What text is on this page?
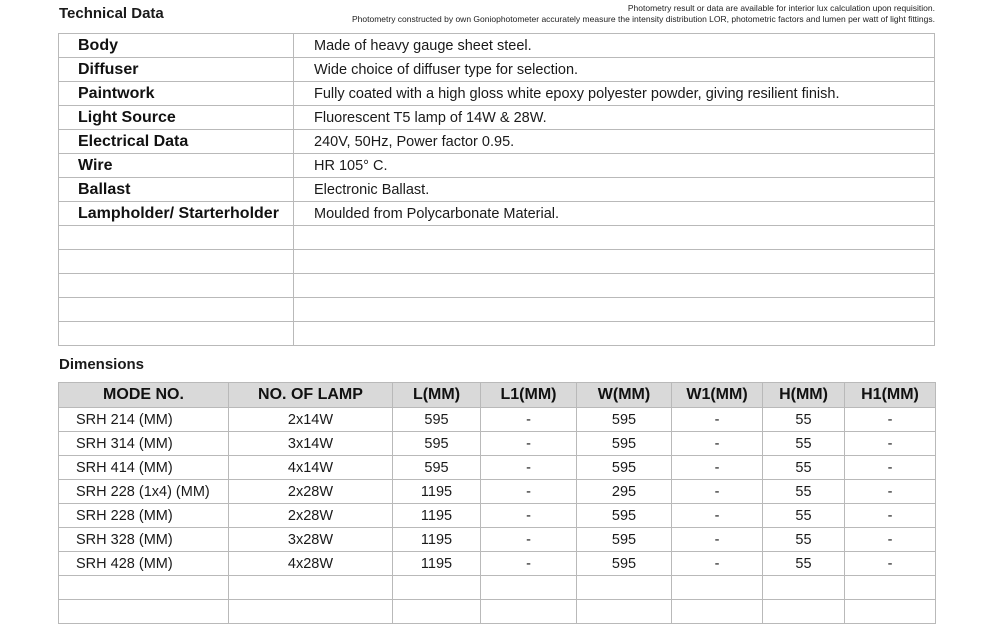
Technical Data	Photometry result or data are available for interior lux calculation upon requisition.
Photometry constructed by own Goniophotometer accurately measure the intensity distribution LOR, photometric factors and lumen per watt of light fittings.
Body	Made of heavy gauge sheet steel.
Diffuser	Wide choice of diffuser type for selection.
Paintwork	Fully coated with a high gloss white epoxy polyester powder, giving resilient finish.
Light Source	Fluorescent T5 lamp of 14W & 28W.
Electrical Data	240V, 50Hz, Power factor 0.95.
Wire	HR 105° C.
Ballast	Electronic Ballast.
Lampholder/ Starterholder	Moulded from Polycarbonate Material.

Dimensions
MODE NO.	NO. OF LAMP	L(MM)	L1(MM)	W(MM)	W1(MM)	H(MM)	H1(MM)
SRH 214 (MM)	2x14W	595	-	595	-	55	-
SRH 314 (MM)	3x14W	595	-	595	-	55	-
SRH 414 (MM)	4x14W	595	-	595	-	55	-
SRH 228 (1x4) (MM)	2x28W	1195	-	295	-	55	-
SRH 228 (MM)	2x28W	1195	-	595	-	55	-
SRH 328 (MM)	3x28W	1195	-	595	-	55	-
SRH 428 (MM)	4x28W	1195	-	595	-	55	-
